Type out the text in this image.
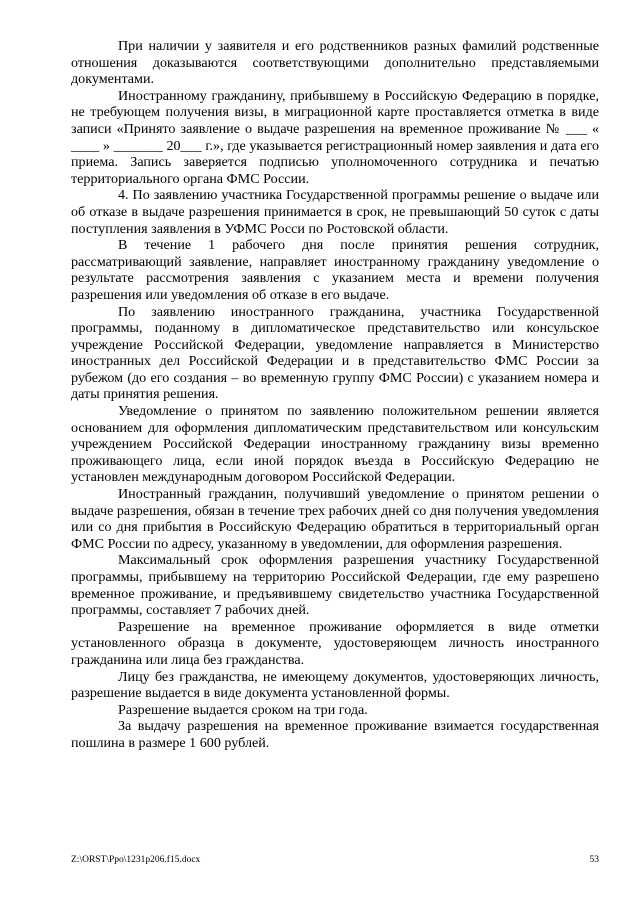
При наличии у заявителя и его родственников разных фамилий родственные отношения доказываются соответствующими дополнительно представляемыми документами.

Иностранному гражданину, прибывшему в Российскую Федерацию в порядке, не требующем получения визы, в миграционной карте проставляется отметка в виде записи «Принято заявление о выдаче разрешения на временное проживание № ___ « ____ » _______ 20___ г.», где указывается регистрационный номер заявления и дата его приема. Запись заверяется подписью уполномоченного сотрудника и печатью территориального органа ФМС России.

4. По заявлению участника Государственной программы решение о выдаче или об отказе в выдаче разрешения принимается в срок, не превышающий 50 суток с даты поступления заявления в УФМС Росси по Ростовской области.

В течение 1 рабочего дня после принятия решения сотрудник, рассматривающий заявление, направляет иностранному гражданину уведомление о результате рассмотрения заявления с указанием места и времени получения разрешения или уведомления об отказе в его выдаче.

По заявлению иностранного гражданина, участника Государственной программы, поданному в дипломатическое представительство или консульское учреждение Российской Федерации, уведомление направляется в Министерство иностранных дел Российской Федерации и в представительство ФМС России за рубежом (до его создания – во временную группу ФМС России) с указанием номера и даты принятия решения.

Уведомление о принятом по заявлению положительном решении является основанием для оформления дипломатическим представительством или консульским учреждением Российской Федерации иностранному гражданину визы временно проживающего лица, если иной порядок въезда в Российскую Федерацию не установлен международным договором Российской Федерации.

Иностранный гражданин, получивший уведомление о принятом решении о выдаче разрешения, обязан в течение трех рабочих дней со дня получения уведомления или со дня прибытия в Российскую Федерацию обратиться в территориальный орган ФМС России по адресу, указанному в уведомлении, для оформления разрешения.

Максимальный срок оформления разрешения участнику Государственной программы, прибывшему на территорию Российской Федерации, где ему разрешено временное проживание, и предъявившему свидетельство участника Государственной программы, составляет 7 рабочих дней.

Разрешение на временное проживание оформляется в виде отметки установленного образца в документе, удостоверяющем личность иностранного гражданина или лица без гражданства.

Лицу без гражданства, не имеющему документов, удостоверяющих личность, разрешение выдается в виде документа установленной формы.

Разрешение выдается сроком на три года.

За выдачу разрешения на временное проживание взимается государственная пошлина в размере 1 600 рублей.

Z:\ORST\Ppo\1231p206.f15.docx	53
